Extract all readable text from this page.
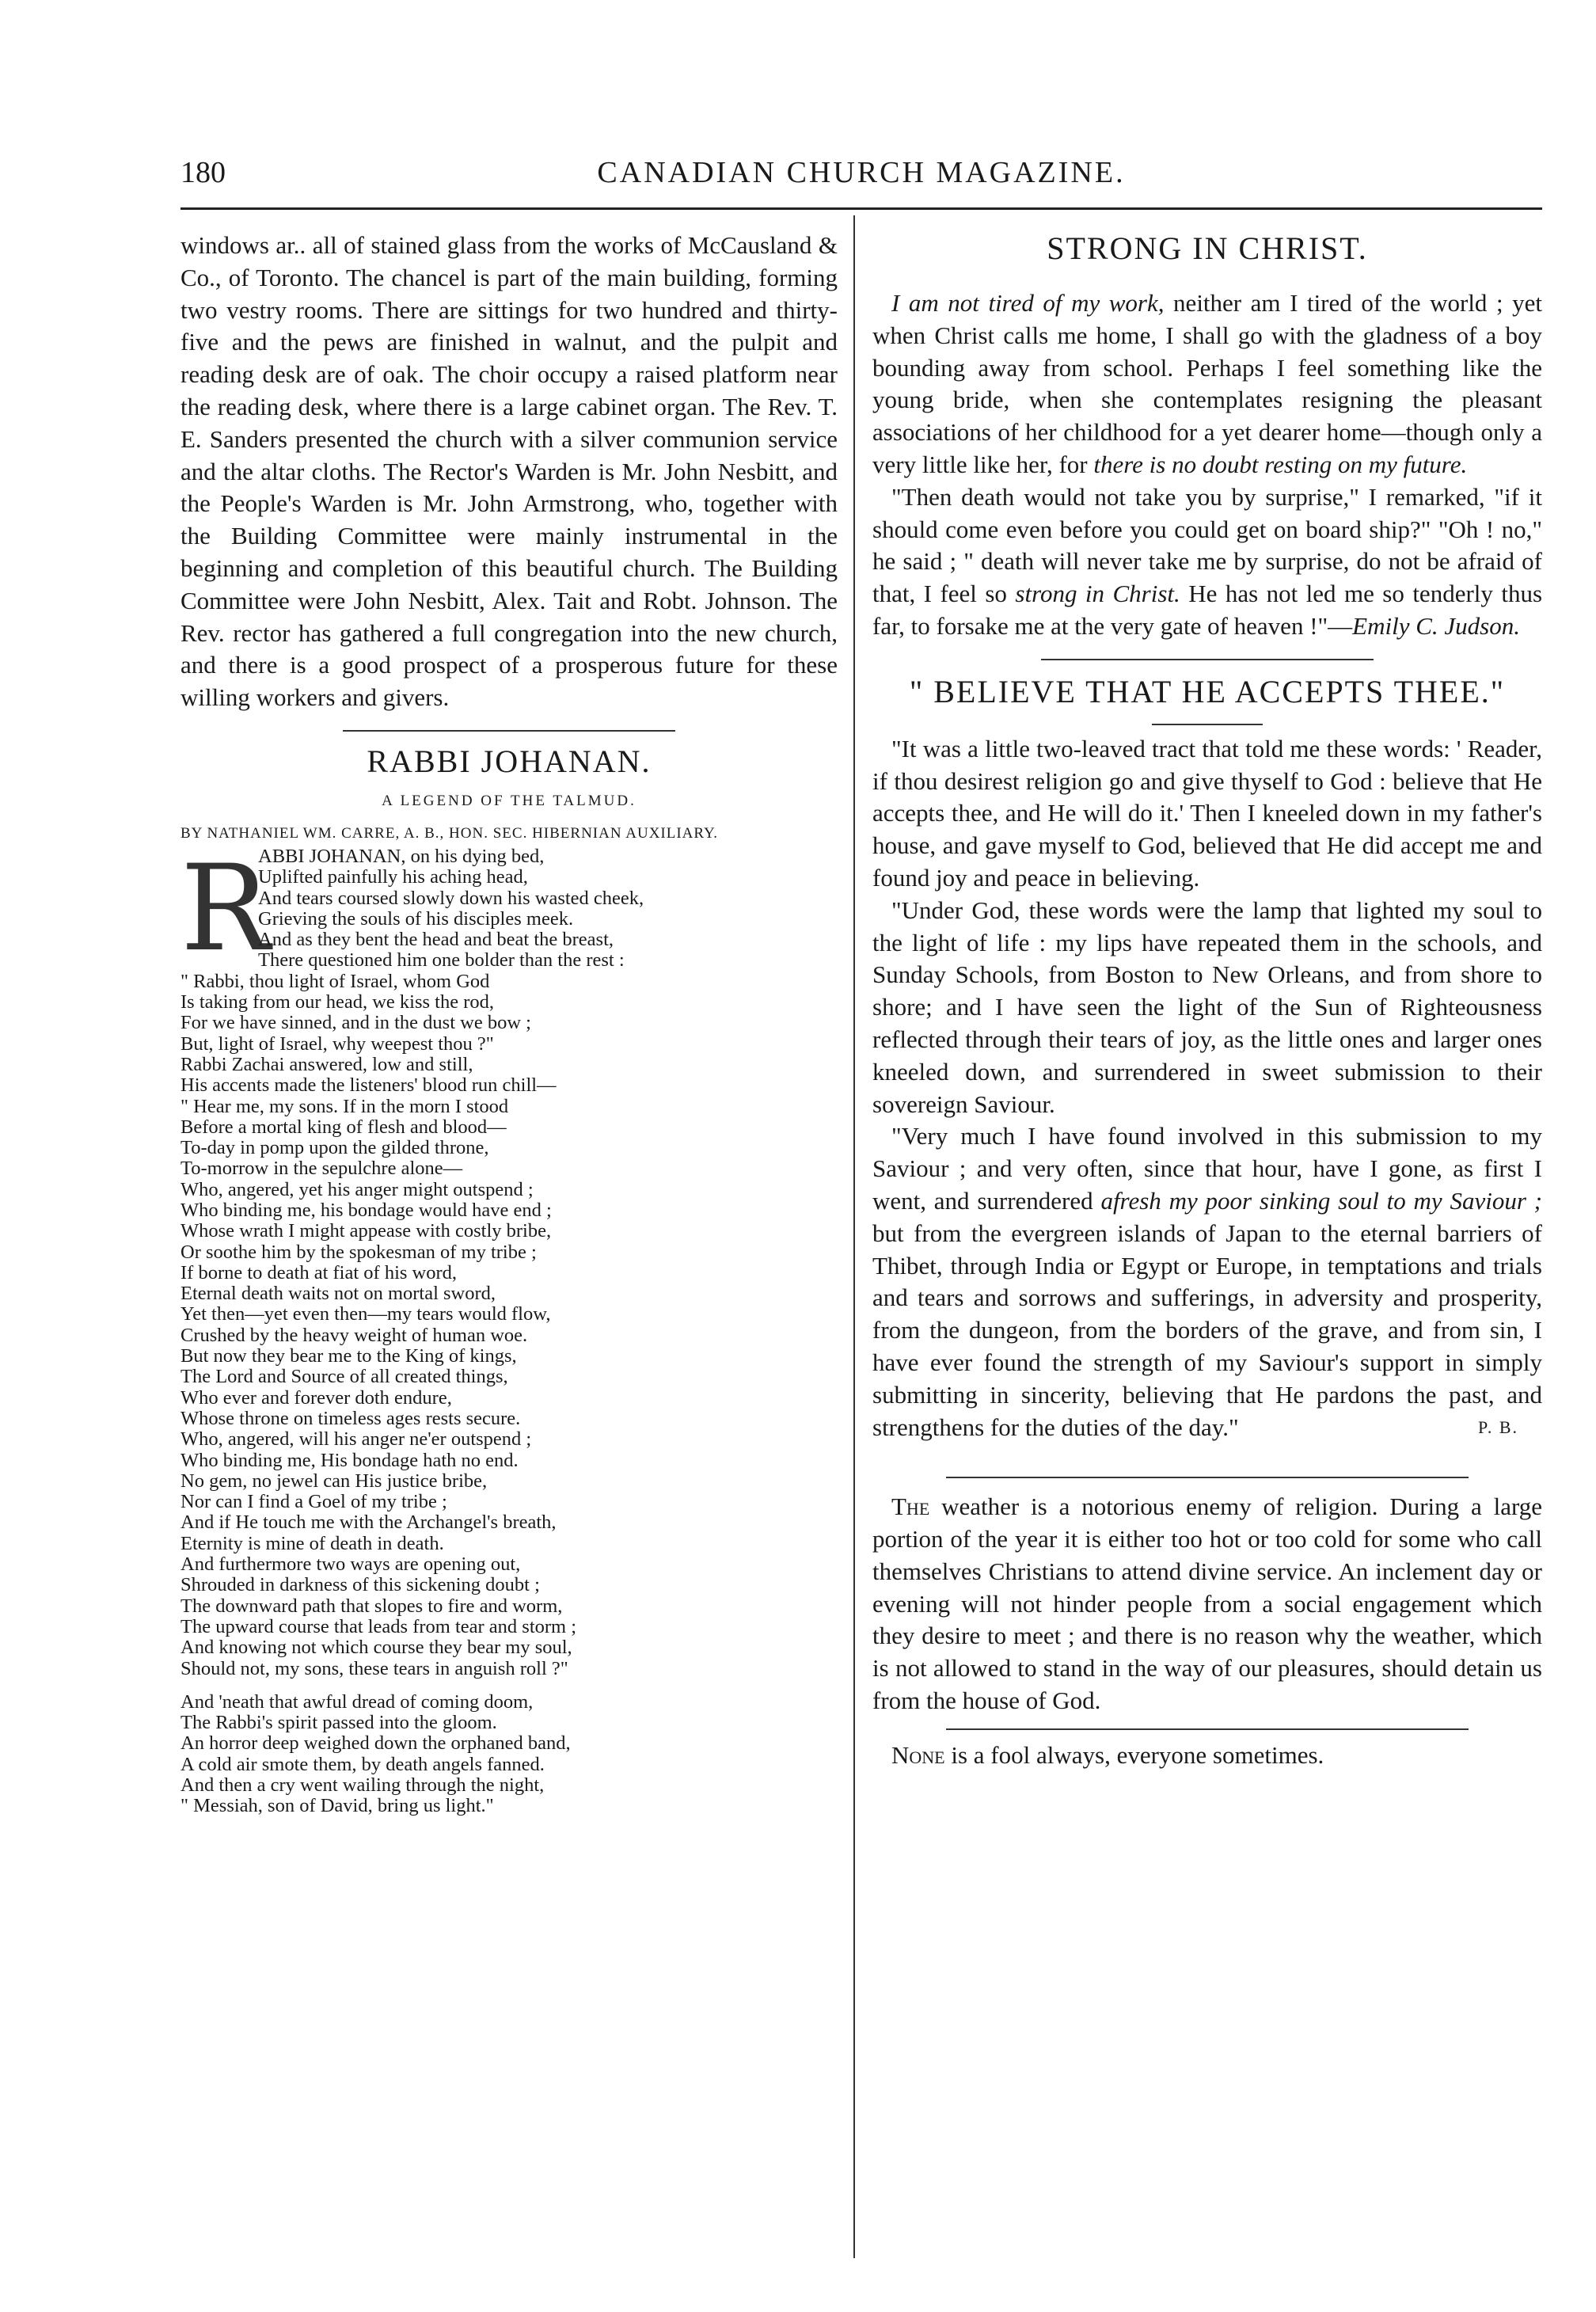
180	CANADIAN CHURCH MAGAZINE.

windows ar.. all of stained glass from the works of McCausland & Co., of Toronto. The chancel is part of the main building, forming two vestry rooms. There are sittings for two hundred and thirty-five and the pews are finished in walnut, and the pulpit and reading desk are of oak. The choir occupy a raised platform near the reading desk, where there is a large cabinet organ. The Rev. T. E. Sanders presented the church with a silver communion service and the altar cloths. The Rector's Warden is Mr. John Nesbitt, and the People's Warden is Mr. John Armstrong, who, together with the Building Committee were mainly instrumental in the beginning and completion of this beautiful church. The Building Committee were John Nesbitt, Alex. Tait and Robt. Johnson. The Rev. rector has gathered a full congregation into the new church, and there is a good prospect of a prosperous future for these willing workers and givers.

RABBI JOHANAN.

A LEGEND OF THE TALMUD.

BY NATHANIEL WM. CARRE, A. B., HON. SEC. HIBERNIAN AUXILIARY.

R
ABBI JOHANAN, on his dying bed,
Uplifted painfully his aching head,
And tears coursed slowly down his wasted cheek,
Grieving the souls of his disciples meek.
And as they bent the head and beat the breast,
There questioned him one bolder than the rest :
" Rabbi, thou light of Israel, whom God
Is taking from our head, we kiss the rod,
For we have sinned, and in the dust we bow ;
But, light of Israel, why weepest thou ?"
Rabbi Zachai answered, low and still,
His accents made the listeners' blood run chill—
" Hear me, my sons. If in the morn I stood
Before a mortal king of flesh and blood—
To-day in pomp upon the gilded throne,
To-morrow in the sepulchre alone—
Who, angered, yet his anger might outspend ;
Who binding me, his bondage would have end ;
Whose wrath I might appease with costly bribe,
Or soothe him by the spokesman of my tribe ;
If borne to death at fiat of his word,
Eternal death waits not on mortal sword,
Yet then—yet even then—my tears would flow,
Crushed by the heavy weight of human woe.
But now they bear me to the King of kings,
The Lord and Source of all created things,
Who ever and forever doth endure,
Whose throne on timeless ages rests secure.
Who, angered, will his anger ne'er outspend ;
Who binding me, His bondage hath no end.
No gem, no jewel can His justice bribe,
Nor can I find a Goel of my tribe ;
And if He touch me with the Archangel's breath,
Eternity is mine of death in death.
And furthermore two ways are opening out,
Shrouded in darkness of this sickening doubt ;
The downward path that slopes to fire and worm,
The upward course that leads from tear and storm ;
And knowing not which course they bear my soul,
Should not, my sons, these tears in anguish roll ?"
And 'neath that awful dread of coming doom,
The Rabbi's spirit passed into the gloom.
An horror deep weighed down the orphaned band,
A cold air smote them, by death angels fanned.
And then a cry went wailing through the night,
" Messiah, son of David, bring us light."
STRONG IN CHRIST.

I am not tired of my work, neither am I tired of the world ; yet when Christ calls me home, I shall go with the gladness of a boy bounding away from school. Perhaps I feel something like the young bride, when she contemplates resigning the pleasant associations of her childhood for a yet dearer home—though only a very little like her, for there is no doubt resting on my future.

"Then death would not take you by surprise," I remarked, "if it should come even before you could get on board ship?" "Oh ! no," he said ; " death will never take me by surprise, do not be afraid of that, I feel so strong in Christ. He has not led me so tenderly thus far, to forsake me at the very gate of heaven !"—Emily C. Judson.

" BELIEVE THAT HE ACCEPTS THEE."

"It was a little two-leaved tract that told me these words: ' Reader, if thou desirest religion go and give thyself to God : believe that He accepts thee, and He will do it.' Then I kneeled down in my father's house, and gave myself to God, believed that He did accept me and found joy and peace in believing.

"Under God, these words were the lamp that lighted my soul to the light of life : my lips have repeated them in the schools, and Sunday Schools, from Boston to New Orleans, and from shore to shore; and I have seen the light of the Sun of Righteousness reflected through their tears of joy, as the little ones and larger ones kneeled down, and surrendered in sweet submission to their sovereign Saviour.

"Very much I have found involved in this submission to my Saviour ; and very often, since that hour, have I gone, as first I went, and surrendered afresh my poor sinking soul to my Saviour ; but from the evergreen islands of Japan to the eternal barriers of Thibet, through India or Egypt or Europe, in temptations and trials and tears and sorrows and sufferings, in adversity and prosperity, from the dungeon, from the borders of the grave, and from sin, I have ever found the strength of my Saviour's support in simply submitting in sincerity, believing that He pardons the past, and strengthens for the duties of the day."	P. B.

The weather is a notorious enemy of religion. During a large portion of the year it is either too hot or too cold for some who call themselves Christians to attend divine service. An inclement day or evening will not hinder people from a social engagement which they desire to meet ; and there is no reason why the weather, which is not allowed to stand in the way of our pleasures, should detain us from the house of God.

None is a fool always, everyone sometimes.
